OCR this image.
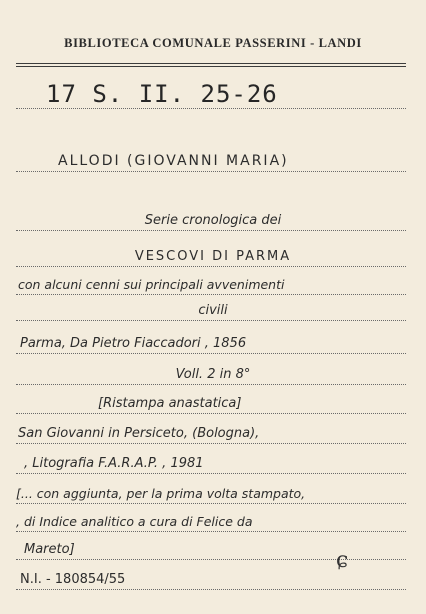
BIBLIOTECA COMUNALE PASSERINI - LANDI
17 S. II. 25-26
ALLODI (GIOVANNI MARIA)
Serie cronologica dei
VESCOVI DI PARMA
con alcuni cenni sui principali avvenimenti
civili
Parma, Da Pietro Fiaccadori , 1856
Voll. 2 in 8°
[Ristampa anastatica]
San Giovanni in Persiceto, (Bologna),
, Litografia F.A.R.A.P. , 1981
[... con aggiunta, per la prima volta stampato,
, di Indice analitico a cura di Felice da
Mareto]	ɕ
N.I. - 180854/55
